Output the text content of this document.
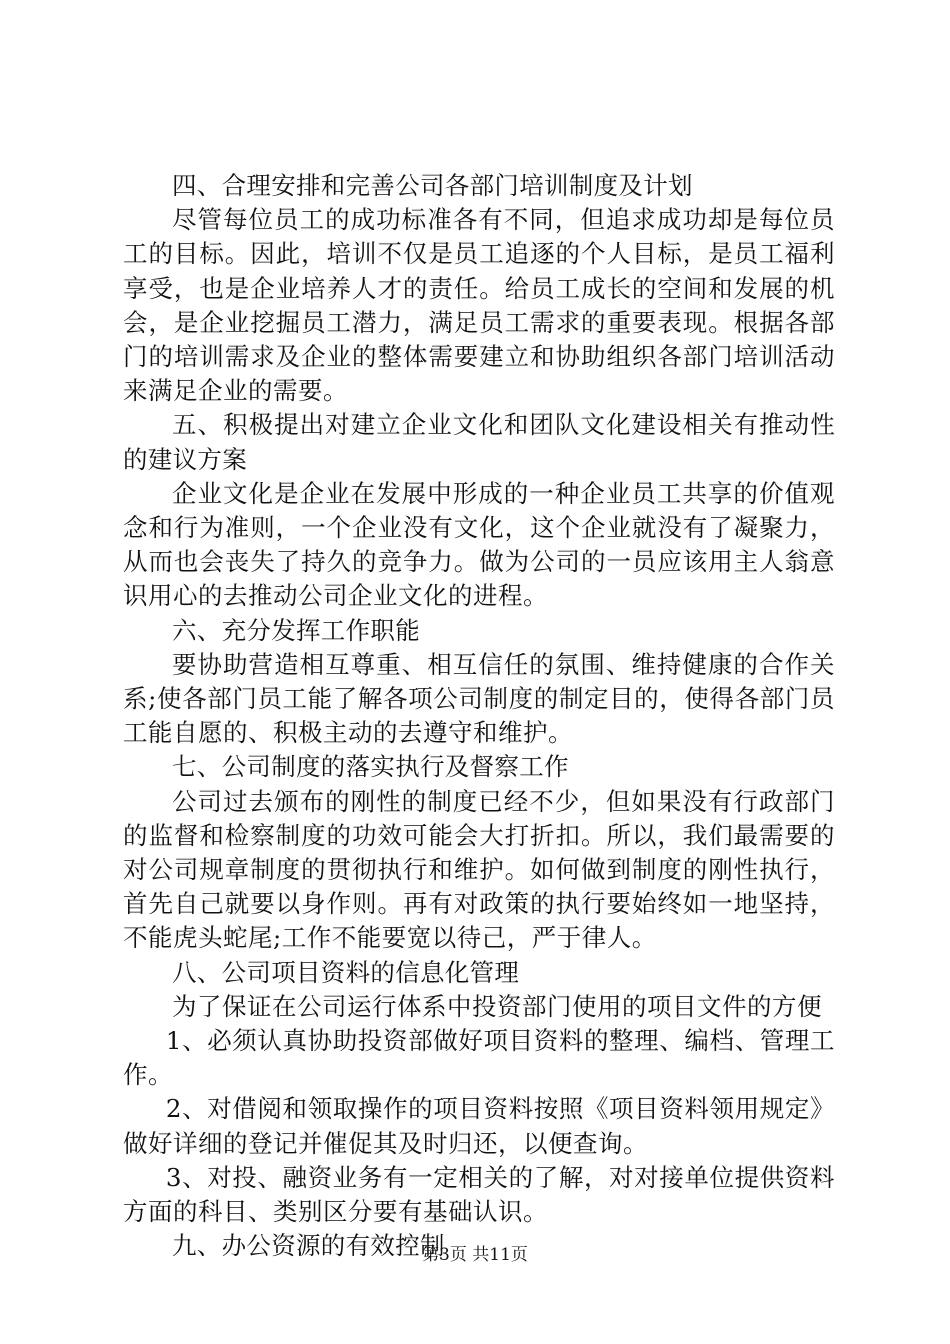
四、合理安排和完善公司各部门培训制度及计划

尽管每位员工的成功标准各有不同，但追求成功却是每位员工的目标。因此，培训不仅是员工追逐的个人目标，是员工福利享受，也是企业培养人才的责任。给员工成长的空间和发展的机会，是企业挖掘员工潜力，满足员工需求的重要表现。根据各部门的培训需求及企业的整体需要建立和协助组织各部门培训活动来满足企业的需要。

五、积极提出对建立企业文化和团队文化建设相关有推动性的建议方案

企业文化是企业在发展中形成的一种企业员工共享的价值观念和行为准则，一个企业没有文化，这个企业就没有了凝聚力，从而也会丧失了持久的竞争力。做为公司的一员应该用主人翁意识用心的去推动公司企业文化的进程。

六、充分发挥工作职能

要协助营造相互尊重、相互信任的氛围、维持健康的合作关系;使各部门员工能了解各项公司制度的制定目的，使得各部门员工能自愿的、积极主动的去遵守和维护。

七、公司制度的落实执行及督察工作

公司过去颁布的刚性的制度已经不少，但如果没有行政部门的监督和检察制度的功效可能会大打折扣。所以，我们最需要的对公司规章制度的贯彻执行和维护。如何做到制度的刚性执行，首先自己就要以身作则。再有对政策的执行要始终如一地坚持，不能虎头蛇尾;工作不能要宽以待己，严于律人。

八、公司项目资料的信息化管理

为了保证在公司运行体系中投资部门使用的项目文件的方便

1、必须认真协助投资部做好项目资料的整理、编档、管理工作。

2、对借阅和领取操作的项目资料按照《项目资料领用规定》做好详细的登记并催促其及时归还，以便查询。

3、对投、融资业务有一定相关的了解，对对接单位提供资料方面的科目、类别区分要有基础认识。

九、办公资源的有效控制

第3页 共11页
